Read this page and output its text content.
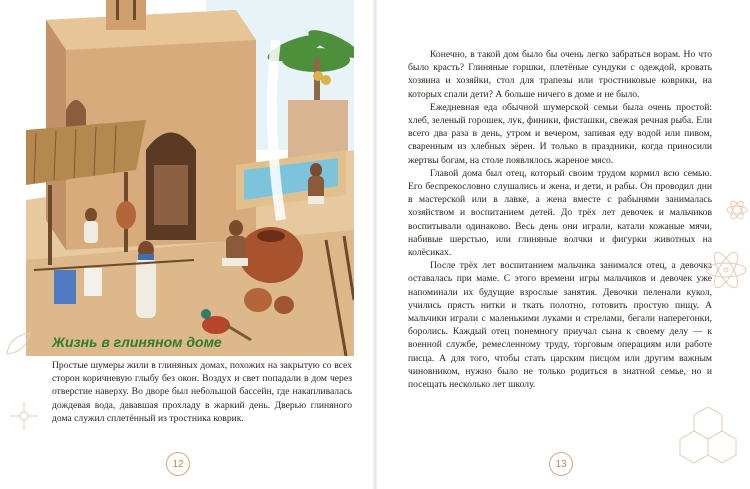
Жизнь в глиняном доме

Простые шумеры жили в глиняных домах, похожих на закрытую со всех сторон коричневую глыбу без окон. Воздух и свет попадали в дом через отверстие наверху. Во дворе был небольшой бассейн, где накапливалась дождевая вода, дававшая прохладу в жаркий день. Дверью глиняного дома служил сплетённый из тростника коврик.

12

Конечно, в такой дом было бы очень легко забраться ворам. Но что было красть? Глиняные горшки, плетёные сундуки с одеждой, кровать хозяина и хозяйки, стол для трапезы или тростниковые коврики, на которых спали дети? А больше ничего в доме и не было.

Ежедневная еда обычной шумерской семьи была очень простой: хлеб, зеленый горошек, лук, финики, фисташки, свежая речная рыба. Ели всего два раза в день, утром и вечером, запивая еду водой или пивом, сваренным из хлебных зёрен. И только в праздники, когда приносили жертвы богам, на столе появлялось жареное мясо.

Главой дома был отец, который своим трудом кормил всю семью. Его беспрекословно слушались и жена, и дети, и рабы. Он проводил дни в мастерской или в лавке, а жена вместе с рабынями занималась хозяйством и воспитанием детей. До трёх лет девочек и мальчиков воспитывали одинаково. Весь день они играли, катали кожаные мячи, набивые шерстью, или глиняные волчки и фигурки животных на колёсиках.

После трёх лет воспитанием мальчика занимался отец, а девочка оставалась при маме. С этого времени игры мальчиков и девочек уже напоминали их будущие взрослые занятия. Девочки пеленали кукол, учились прясть нитки и ткать полотно, готовить простую пищу. А мальчики играли с маленькими луками и стрелами, бегали наперегонки, боролись. Каждый отец понемногу приучал сына к своему делу — к военной службе, ремесленному труду, торговым операциям или работе писца. А для того, чтобы стать царским писцом или другим важным чиновником, нужно было не только родиться в знатной семье, но и посещать несколько лет школу.

13
